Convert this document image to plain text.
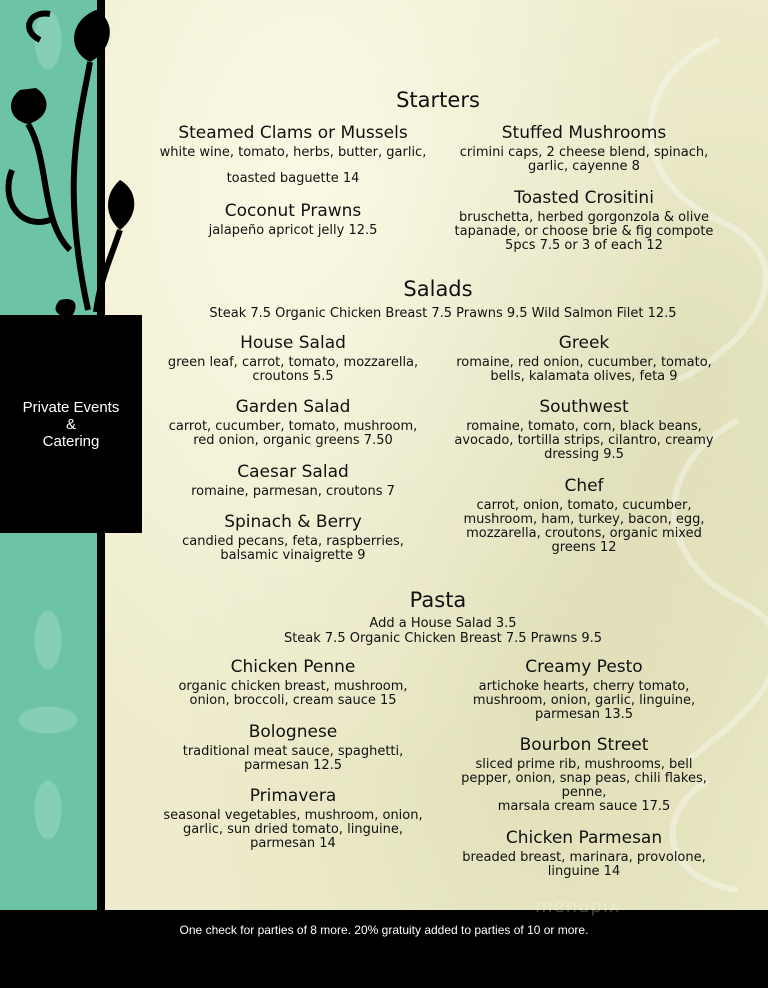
Private Events
&
Catering
Starters
Steamed Clams or Mussels
white wine, tomato, herbs, butter, garlic,
toasted baguette 14
Coconut Prawns
jalapeño apricot jelly 12.5
Stuffed Mushrooms
crimini caps, 2 cheese blend, spinach,
garlic, cayenne 8
Toasted Crositini
bruschetta, herbed gorgonzola & olive
tapanade, or choose brie & fig compote
5pcs 7.5 or 3 of each 12
Salads
Steak 7.5 Organic Chicken Breast 7.5 Prawns 9.5 Wild Salmon Filet 12.5
House Salad
green leaf, carrot, tomato, mozzarella,
croutons 5.5
Garden Salad
carrot, cucumber, tomato, mushroom,
red onion, organic greens 7.50
Caesar Salad
romaine, parmesan, croutons 7
Spinach & Berry
candied pecans, feta, raspberries,
balsamic vinaigrette 9
Greek
romaine, red onion, cucumber, tomato,
bells, kalamata olives, feta 9
Southwest
romaine, tomato, corn, black beans,
avocado, tortilla strips, cilantro, creamy
dressing 9.5
Chef
carrot, onion, tomato, cucumber,
mushroom, ham, turkey, bacon, egg,
mozzarella, croutons, organic mixed
greens 12
Pasta
Add a House Salad 3.5
Steak 7.5 Organic Chicken Breast 7.5 Prawns 9.5
Chicken Penne
organic chicken breast, mushroom,
onion, broccoli, cream sauce 15
Bolognese
traditional meat sauce, spaghetti,
parmesan 12.5
Primavera
seasonal vegetables, mushroom, onion,
garlic, sun dried tomato, linguine,
parmesan 14
Creamy Pesto
artichoke hearts, cherry tomato,
mushroom, onion, garlic, linguine,
parmesan 13.5
Bourbon Street
sliced prime rib, mushrooms, bell
pepper, onion, snap peas, chili flakes,
penne,
marsala cream sauce 17.5
Chicken Parmesan
breaded breast, marinara, provolone,
linguine 14
menupix
One check for parties of 8 more. 20% gratuity added to parties of 10 or more.
